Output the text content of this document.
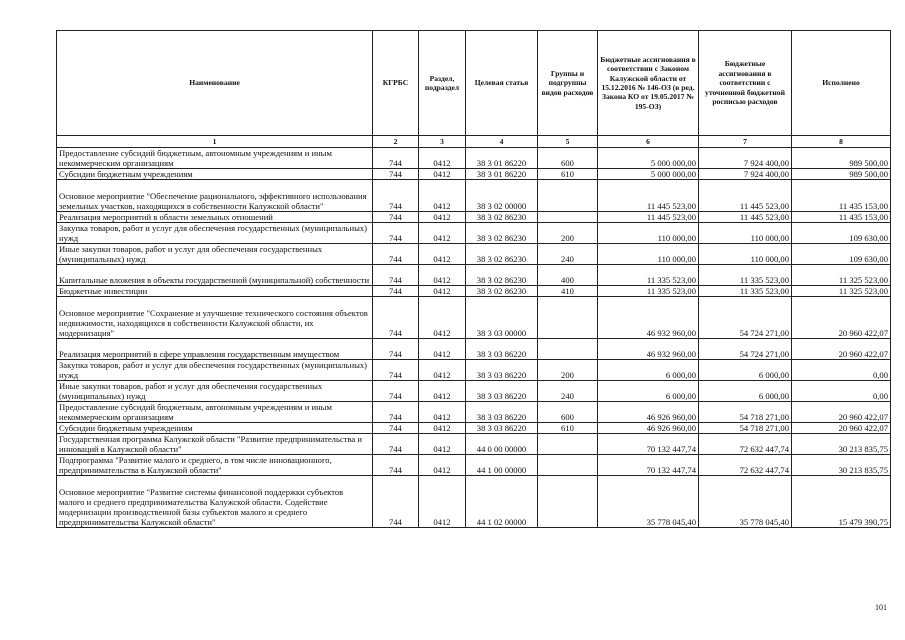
Наименование	КГРБС	Раздел, подраздел	Целевая статья	Группы и подгруппы видов расходов	Бюджетные ассигнования в соответствии с Законом Калужской области от 15.12.2016 № 146-ОЗ (в ред. Закона КО от 19.05.2017 № 195-ОЗ)	Бюджетные ассигнования в соответствии с уточненной бюджетной росписью расходов	Исполнено
1	2	3	4	5	6	7	8
Предоставление субсидий бюджетным, автономным учреждениям и иным некоммерческим организациям	744	0412	38 3 01 86220	600	5 000 000,00	7 924 400,00	989 500,00
Субсидии бюджетным учреждениям	744	0412	38 3 01 86220	610	5 000 000,00	7 924 400,00	989 500,00
Основное мероприятие "Обеспечение рационального, эффективного использования земельных участков, находящихся в собственности Калужской области"	744	0412	38 3 02 00000		11 445 523,00	11 445 523,00	11 435 153,00
Реализация мероприятий в области земельных отношений	744	0412	38 3 02 86230		11 445 523,00	11 445 523,00	11 435 153,00
Закупка товаров, работ и услуг для обеспечения государственных (муниципальных) нужд	744	0412	38 3 02 86230	200	110 000,00	110 000,00	109 630,00
Иные закупки товаров, работ и услуг для обеспечения государственных (муниципальных) нужд	744	0412	38 3 02 86230	240	110 000,00	110 000,00	109 630,00
Капитальные вложения в объекты государственной (муниципальной) собственности	744	0412	38 3 02 86230	400	11 335 523,00	11 335 523,00	11 325 523,00
Бюджетные инвестиции	744	0412	38 3 02 86230	410	11 335 523,00	11 335 523,00	11 325 523,00
Основное мероприятие "Сохранение и улучшение технического состояния объектов недвижимости, находящихся в собственности Калужской области, их модернизация"	744	0412	38 3 03 00000		46 932 960,00	54 724 271,00	20 960 422,07
Реализация мероприятий в сфере управления государственным имуществом	744	0412	38 3 03 86220		46 932 960,00	54 724 271,00	20 960 422,07
Закупка товаров, работ и услуг для обеспечения государственных (муниципальных) нужд	744	0412	38 3 03 86220	200	6 000,00	6 000,00	0,00
Иные закупки товаров, работ и услуг для обеспечения государственных (муниципальных) нужд	744	0412	38 3 03 86220	240	6 000,00	6 000,00	0,00
Предоставление субсидий бюджетным, автономным учреждениям и иным некоммерческим организациям	744	0412	38 3 03 86220	600	46 926 960,00	54 718 271,00	20 960 422,07
Субсидии бюджетным учреждениям	744	0412	38 3 03 86220	610	46 926 960,00	54 718 271,00	20 960 422,07
Государственная программа Калужской области "Развитие предпринимательства и инноваций в Калужской области"	744	0412	44 0 00 00000		70 132 447,74	72 632 447,74	30 213 835,75
Подпрограмма "Развитие малого и среднего, в том числе инновационного, предпринимательства в Калужской области"	744	0412	44 1 00 00000		70 132 447,74	72 632 447,74	30 213 835,75
Основное мероприятие "Развитие системы финансовой поддержки субъектов малого и среднего предпринимательства Калужской области. Содействие модернизации производственной базы субъектов малого и среднего предпринимательства Калужской области"	744	0412	44 1 02 00000		35 778 045,40	35 778 045,40	15 479 390,75
101
